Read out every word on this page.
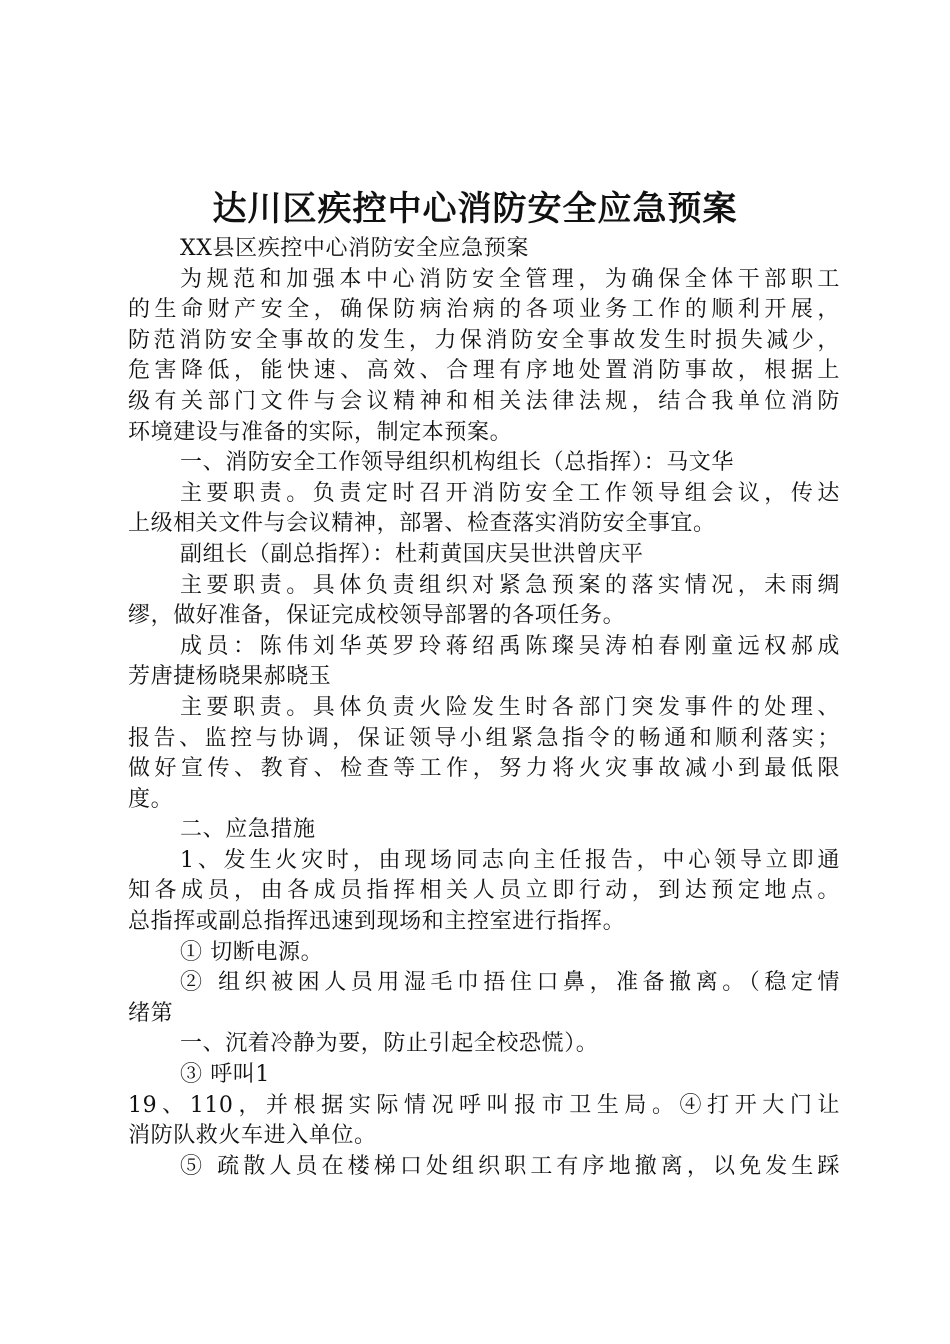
达川区疾控中心消防安全应急预案
XX县区疾控中心消防安全应急预案
为规范和加强本中心消防安全管理，为确保全体干部职工
的生命财产安全，确保防病治病的各项业务工作的顺利开展，
防范消防安全事故的发生，力保消防安全事故发生时损失减少，
危害降低，能快速、高效、合理有序地处置消防事故，根据上
级有关部门文件与会议精神和相关法律法规，结合我单位消防
环境建设与准备的实际，制定本预案。
一、消防安全工作领导组织机构组长（总指挥）：马文华
主要职责。负责定时召开消防安全工作领导组会议，传达
上级相关文件与会议精神，部署、检查落实消防安全事宜。
副组长（副总指挥）：杜莉黄国庆吴世洪曾庆平
主要职责。具体负责组织对紧急预案的落实情况，未雨绸
缪，做好准备，保证完成校领导部署的各项任务。
成员：陈伟刘华英罗玲蒋绍禹陈璨吴涛柏春刚童远权郝成
芳唐捷杨晓果郝晓玉
主要职责。具体负责火险发生时各部门突发事件的处理、
报告、监控与协调，保证领导小组紧急指令的畅通和顺利落实；
做好宣传、教育、检查等工作，努力将火灾事故减小到最低限
度。
二、应急措施
1、发生火灾时，由现场同志向主任报告，中心领导立即通
知各成员，由各成员指挥相关人员立即行动，到达预定地点。
总指挥或副总指挥迅速到现场和主控室进行指挥。
① 切断电源。
② 组织被困人员用湿毛巾捂住口鼻，准备撤离。（稳定情
绪第
一、沉着冷静为要，防止引起全校恐慌）。
③ 呼叫1
19、110，并根据实际情况呼叫报市卫生局。④打开大门让
消防队救火车进入单位。
⑤ 疏散人员在楼梯口处组织职工有序地撤离，以免发生踩
